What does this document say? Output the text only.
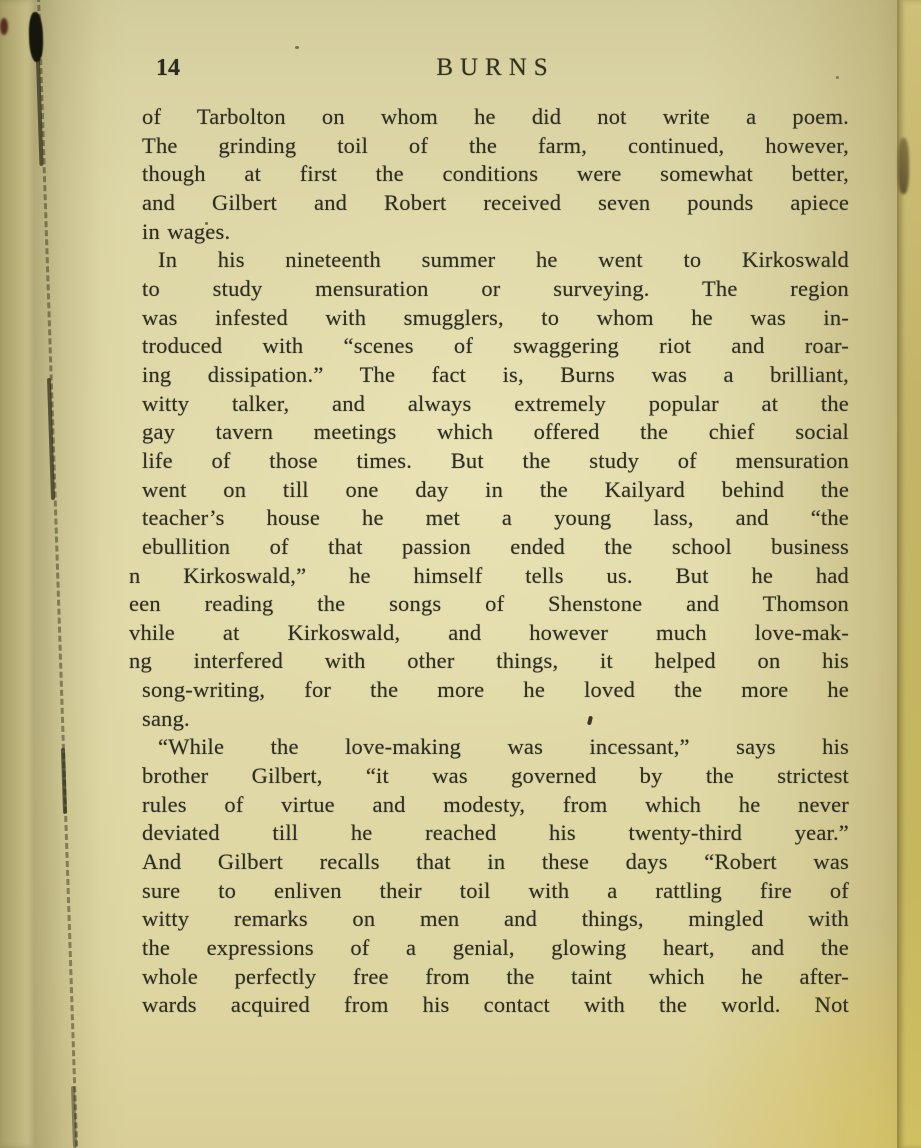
14	BURNS
of Tarbolton on whom he did not write a poem.
The grinding toil of the farm, continued, however,
though at first the conditions were somewhat better,
and Gilbert and Robert received seven pounds apiece
in wages.
In his nineteenth summer he went to Kirkoswald
to study mensuration or surveying. The region
was infested with smugglers, to whom he was in-
troduced with “scenes of swaggering riot and roar-
ing dissipation.” The fact is, Burns was a brilliant,
witty talker, and always extremely popular at the
gay tavern meetings which offered the chief social
life of those times. But the study of mensuration
went on till one day in the Kailyard behind the
teacher’s house he met a young lass, and “the
ebullition of that passion ended the school business
n Kirkoswald,” he himself tells us. But he had
een reading the songs of Shenstone and Thomson
vhile at Kirkoswald, and however much love-mak-
ng interfered with other things, it helped on his
song-writing, for the more he loved the more he
sang.
“While the love-making was incessant,” says his
brother Gilbert, “it was governed by the strictest
rules of virtue and modesty, from which he never
deviated till he reached his twenty-third year.”
And Gilbert recalls that in these days “Robert was
sure to enliven their toil with a rattling fire of
witty remarks on men and things, mingled with
the expressions of a genial, glowing heart, and the
whole perfectly free from the taint which he after-
wards acquired from his contact with the world. Not
